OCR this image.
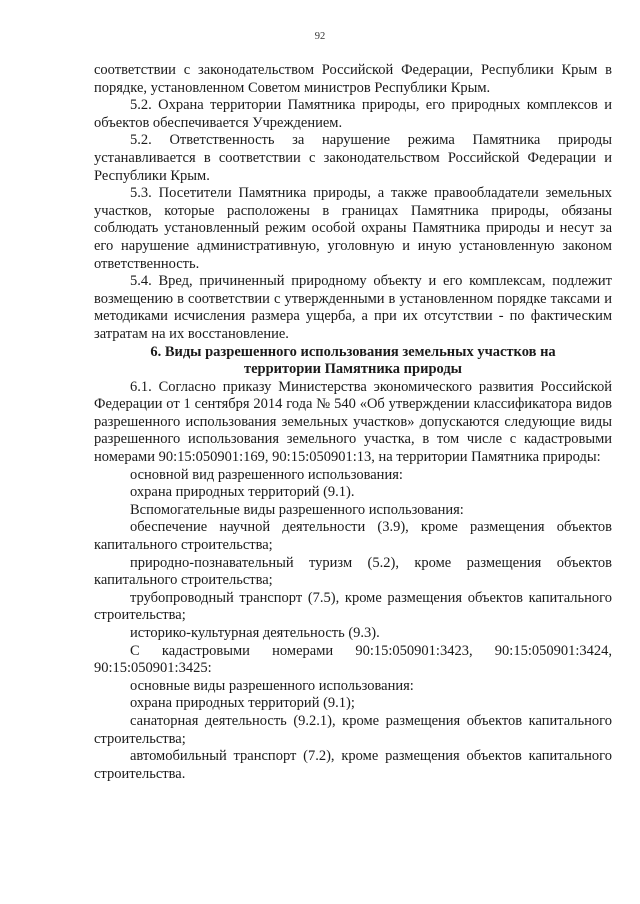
92

соответствии с законодательством Российской Федерации, Республики Крым в порядке, установленном Советом министров Республики Крым.

5.2. Охрана территории Памятника природы, его природных комплексов и объектов обеспечивается Учреждением.

5.2. Ответственность за нарушение режима Памятника природы устанавливается в соответствии с законодательством Российской Федерации и Республики Крым.

5.3. Посетители Памятника природы, а также правообладатели земельных участков, которые расположены в границах Памятника природы, обязаны соблюдать установленный режим особой охраны Памятника природы и несут за его нарушение административную, уголовную и иную установленную законом ответственность.

5.4. Вред, причиненный природному объекту и его комплексам, подлежит возмещению в соответствии с утвержденными в установленном порядке таксами и методиками исчисления размера ущерба, а при их отсутствии - по фактическим затратам на их восстановление.

6. Виды разрешенного использования земельных участков на
территории Памятника природы

6.1. Согласно приказу Министерства экономического развития Российской Федерации от 1 сентября 2014 года № 540 «Об утверждении классификатора видов разрешенного использования земельных участков» допускаются следующие виды разрешенного использования земельного участка, в том числе с кадастровыми номерами 90:15:050901:169, 90:15:050901:13, на территории Памятника природы:

основной вид разрешенного использования:

охрана природных территорий (9.1).

Вспомогательные виды разрешенного использования:

обеспечение научной деятельности (3.9), кроме размещения объектов капитального строительства;

природно-познавательный туризм (5.2), кроме размещения объектов капитального строительства;

трубопроводный транспорт (7.5), кроме размещения объектов капитального строительства;

историко-культурная деятельность (9.3).

С кадастровыми номерами 90:15:050901:3423, 90:15:050901:3424, 90:15:050901:3425:

основные виды разрешенного использования:

охрана природных территорий (9.1);

санаторная деятельность (9.2.1), кроме размещения объектов капитального строительства;

автомобильный транспорт (7.2), кроме размещения объектов капитального строительства.
